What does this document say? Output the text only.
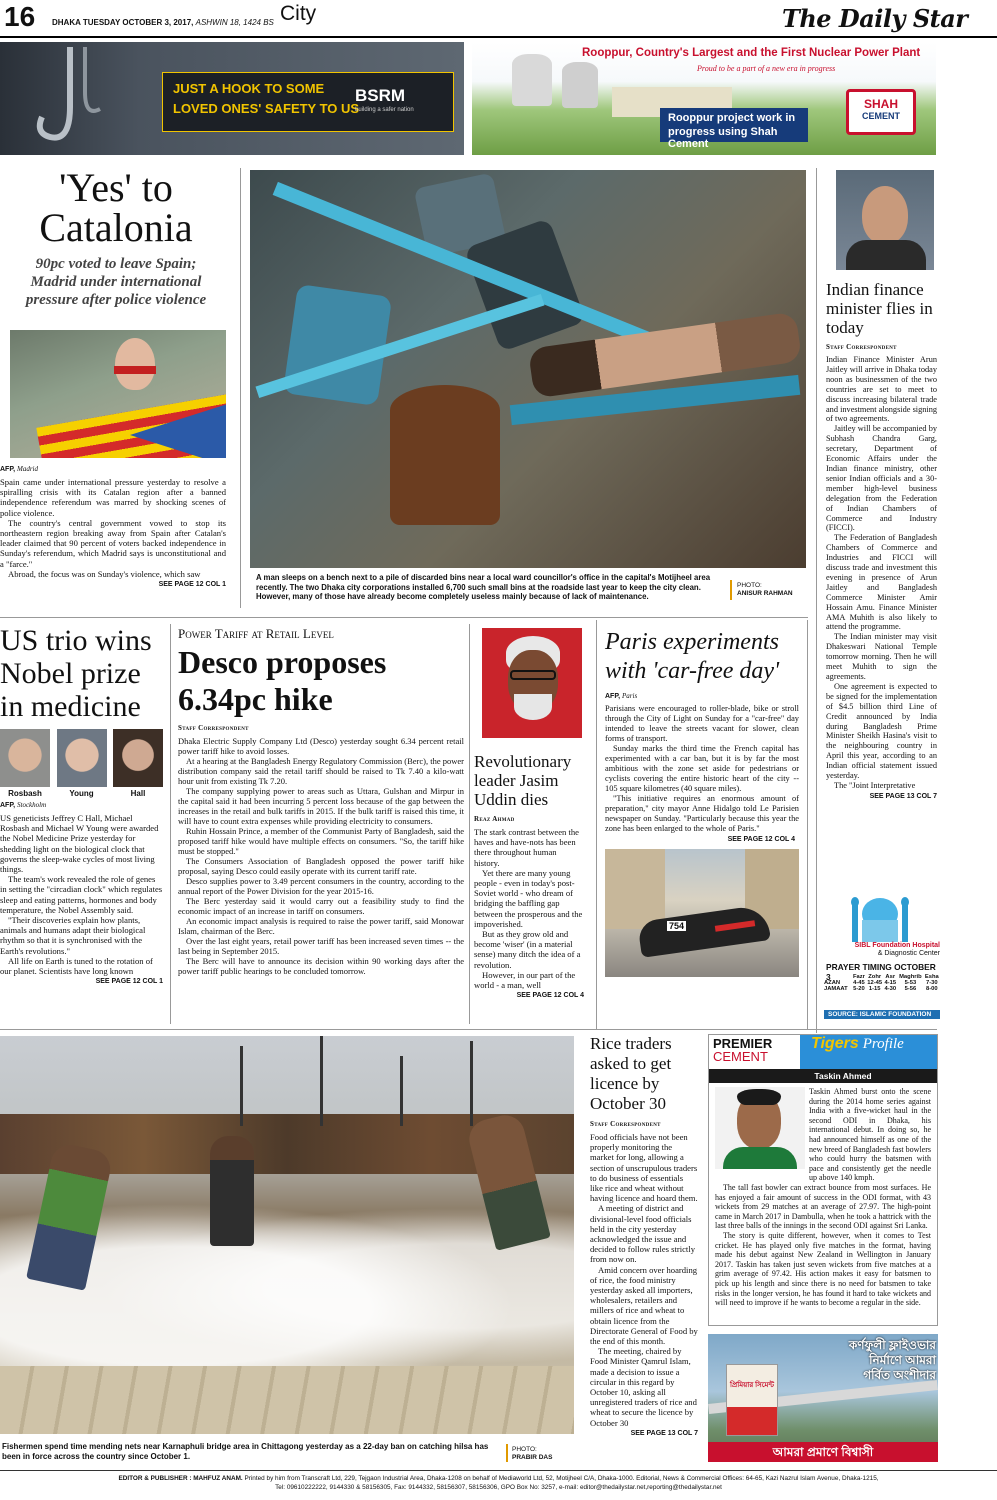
16 DHAKA TUESDAY OCTOBER 3, 2017, ASHWIN 18, 1424 BS City	The Daily Star
JUST A HOOK TO SOME
LOVED ONES' SAFETY TO US
BSRM
building a safer nation
Rooppur, Country's Largest and the First Nuclear Power Plant
Proud to be a part of a new era in progress
Rooppur project work in
progress using Shah Cement
SHAH
CEMENT
'Yes' to
Catalonia
90pc voted to leave Spain; Madrid under international pressure after police violence
AFP, Madrid

Spain came under international pressure yesterday to resolve a spiralling crisis with its Catalan region after a banned independence referendum was marred by shocking scenes of police violence.

The country's central government vowed to stop its northeastern region breaking away from Spain after Catalan's leader claimed that 90 percent of voters backed independence in Sunday's referendum, which Madrid says is unconstitutional and a "farce."

Abroad, the focus was on Sunday's violence, which saw

SEE PAGE 12 COL 1
A man sleeps on a bench next to a pile of discarded bins near a local ward councillor's office in the capital's Motijheel area recently. The two Dhaka city corporations installed 6,700 such small bins at the roadside last year to keep the city clean. However, many of those have already become completely useless mainly because of lack of maintenance.
PHOTO:
ANISUR RAHMAN
Indian finance minister flies in today
Staff Correspondent

Indian Finance Minister Arun Jaitley will arrive in Dhaka today noon as businessmen of the two countries are set to meet to discuss increasing bilateral trade and investment alongside signing of two agreements.

Jaitley will be accompanied by Subhash Chandra Garg, secretary, Department of Economic Affairs under the Indian finance ministry, other senior Indian officials and a 30-member high-level business delegation from the Federation of Indian Chambers of Commerce and Industry (FICCI).

The Federation of Bangladesh Chambers of Commerce and Industries and FICCI will discuss trade and investment this evening in presence of Arun Jaitley and Bangladesh Commerce Minister Amir Hossain Amu. Finance Minister AMA Muhith is also likely to attend the programme.

The Indian minister may visit Dhakeswari National Temple tomorrow morning. Then he will meet Muhith to sign the agreements.

One agreement is expected to be signed for the implementation of $4.5 billion third Line of Credit announced by India during Bangladesh Prime Minister Sheikh Hasina's visit to the neighbouring country in April this year, according to an Indian official statement issued yesterday.

The "Joint Interpretative

SEE PAGE 13 COL 7
US trio wins
Nobel prize
in medicine
Rosbash	Young	Hall
AFP, Stockholm

US geneticists Jeffrey C Hall, Michael Rosbash and Michael W Young were awarded the Nobel Medicine Prize yesterday for shedding light on the biological clock that governs the sleep-wake cycles of most living things.

The team's work revealed the role of genes in setting the "circadian clock" which regulates sleep and eating patterns, hormones and body temperature, the Nobel Assembly said.

"Their discoveries explain how plants, animals and humans adapt their biological rhythm so that it is synchronised with the Earth's revolutions."

All life on Earth is tuned to the rotation of our planet. Scientists have long known

SEE PAGE 12 COL 1
Power Tariff at Retail Level
Desco proposes
6.34pc hike
Staff Correspondent

Dhaka Electric Supply Company Ltd (Desco) yesterday sought 6.34 percent retail power tariff hike to avoid losses.

At a hearing at the Bangladesh Energy Regulatory Commission (Berc), the power distribution company said the retail tariff should be raised to Tk 7.40 a kilo-watt hour unit from existing Tk 7.20.

The company supplying power to areas such as Uttara, Gulshan and Mirpur in the capital said it had been incurring 5 percent loss because of the gap between the increases in the retail and bulk tariffs in 2015. If the bulk tariff is raised this time, it will have to count extra expenses while providing electricity to consumers.

Ruhin Hossain Prince, a member of the Communist Party of Bangladesh, said the proposed tariff hike would have multiple effects on consumers. "So, the tariff hike must be stopped."

The Consumers Association of Bangladesh opposed the power tariff hike proposal, saying Desco could easily operate with its current tariff rate.

Desco supplies power to 3.49 percent consumers in the country, according to the annual report of the Power Division for the year 2015-16.

The Berc yesterday said it would carry out a feasibility study to find the economic impact of an increase in tariff on consumers.

An economic impact analysis is required to raise the power tariff, said Monowar Islam, chairman of the Berc.

Over the last eight years, retail power tariff has been increased seven times -- the last being in September 2015.

The Berc will have to announce its decision within 90 working days after the power tariff public hearings to be concluded tomorrow.

Revolutionary leader Jasim Uddin dies
Reaz Ahmad

The stark contrast between the haves and have-nots has been there throughout human history.

Yet there are many young people - even in today's post-Soviet world - who dream of bridging the baffling gap between the prosperous and the impoverished.

But as they grow old and become 'wiser' (in a material sense) many ditch the idea of a revolution.

However, in our part of the world - a man, well

SEE PAGE 12 COL 4
Paris experiments
with 'car-free day'
AFP, Paris

Parisians were encouraged to roller-blade, bike or stroll through the City of Light on Sunday for a "car-free" day intended to leave the streets vacant for slower, clean forms of transport.

Sunday marks the third time the French capital has experimented with a car ban, but it is by far the most ambitious with the zone set aside for pedestrians or cyclists covering the entire historic heart of the city -- 105 square kilometres (40 square miles).

"This initiative requires an enormous amount of preparation," city mayor Anne Hidalgo told Le Parisien newspaper on Sunday. "Particularly because this year the zone has been enlarged to the whole of Paris."

SEE PAGE 12 COL 4
754
SIBL Foundation Hospital
& Diagnostic Center
PRAYER TIMING OCTOBER 3
		Fazr	Zohr	Asr	Maghrib	Esha
AZAN	4-45	12-45	4-15	5-53	7-30
JAMAAT	5-20	1-15	4-30	5-56	8-00
SOURCE: ISLAMIC FOUNDATION
Fishermen spend time mending nets near Karnaphuli bridge area in Chittagong yesterday as a 22-day ban on catching hilsa has been in force across the country since October 1.
PHOTO:
PRABIR DAS
Rice traders asked to get licence by October 30
Staff Correspondent

Food officials have not been properly monitoring the market for long, allowing a section of unscrupulous traders to do business of essentials like rice and wheat without having licence and hoard them.

A meeting of district and divisional-level food officials held in the city yesterday acknowledged the issue and decided to follow rules strictly from now on.

Amid concern over hoarding of rice, the food ministry yesterday asked all importers, wholesalers, retailers and millers of rice and wheat to obtain licence from the Directorate General of Food by the end of this month.

The meeting, chaired by Food Minister Qamrul Islam, made a decision to issue a circular in this regard by October 10, asking all unregistered traders of rice and wheat to secure the licence by October 30

SEE PAGE 13 COL 7
PREMIER
CEMENT
Tigers Profile
Taskin Ahmed
Taskin Ahmed burst onto the scene during the 2014 home series against India with a five-wicket haul in the second ODI in Dhaka, his international debut. In doing so, he had announced himself as one of the new breed of Bangladesh fast bowlers who could hurry the batsmen with pace and consistently get the needle up above 140 kmph.

The tall fast bowler can extract bounce from most surfaces. He has enjoyed a fair amount of success in the ODI format, with 43 wickets from 29 matches at an average of 27.97. The high-point came in March 2017 in Dambulla, when he took a hattrick with the last three balls of the innings in the second ODI against Sri Lanka.

The story is quite different, however, when it comes to Test cricket. He has played only five matches in the format, having made his debut against New Zealand in Wellington in January 2017. Taskin has taken just seven wickets from five matches at a grim average of 97.42. His action makes it easy for batsmen to pick up his length and since there is no need for batsmen to take risks in the longer version, he has found it hard to take wickets and will need to improve if he wants to become a regular in the side.

কর্ণফুলী ফ্লাইওভার
নির্মাণে আমরা
গর্বিত অংশীদার
প্রিমিয়ার সিমেন্ট
আমরা প্রমাণে বিশ্বাসী
EDITOR & PUBLISHER : MAHFUZ ANAM. Printed by him from Transcraft Ltd, 229, Tejgaon Industrial Area, Dhaka-1208 on behalf of Mediaworld Ltd, 52, Motijheel C/A, Dhaka-1000. Editorial, News & Commercial Offices: 64-65, Kazi Nazrul Islam Avenue, Dhaka-1215,
Tel: 09610222222, 9144330 & 58156305, Fax: 9144332, 58156307, 58156306, GPO Box No: 3257, e-mail: editor@thedailystar.net,reporting@thedailystar.net
